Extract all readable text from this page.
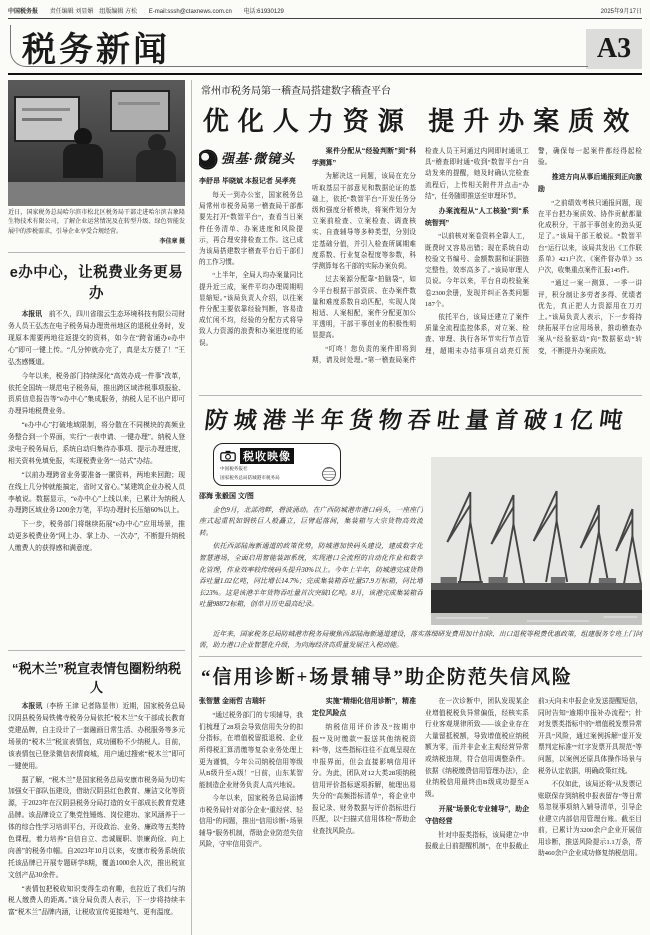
中国税务报 责任编辑 刘显媚　组版编辑 方松 E-mail:sssh@ctaxnews.com.cn 电话:61930129	2025年9月17日
税务新闻	A3

近日，国家税务总局哈尔滨市松北区税务局干部走进哈尔滨吉象隆生物技术有限公司，了解企业运营情况及在转型升级、绿色智能发展中的涉税需求，引导企业享受合规经营。
李佳章 摄

e办中心，让税费业务更易办

本报讯　前不久，四川省瑞云生态环境科技有限公司财务人员王弘杰在电子税务局办理贵州地区的退税业务时，发现原本需要两地往返提交的资料，如今在“跨省通办e办中心”即可一键上传。“几分钟就办完了，真是太方便了！”王弘杰感慨道。

今年以来，税务部门持续深化“高效办成一件事”改革，依托全国统一规范电子税务局，推出跨区域涉税事项报验、资质信息报告等“e办中心”集成服务，纳税人足不出户即可办理异地税费业务。

“e办中心”打破地域限制，将分散在不同模块的高频业务整合到一个界面，实行“一表申请、一键办理”。纳税人登录电子税务局后，系统自动归集待办事项、提示办理进度，相关资料免填免报，实现税费业务“一站式”办结。

“以前办理跨省业务要准备一摞资料，两地来回跑；现在线上几分钟就能搞定，省时又省心。”某建筑企业办税人员李敏说。数据显示，“e办中心”上线以来，已累计为纳税人办理跨区域业务1200余万笔，平均办理时长压缩60%以上。

下一步，税务部门将继续拓展“e办中心”应用场景，推动更多税费业务“网上办、掌上办、一次办”，不断提升纳税人缴费人的获得感和满意度。

“税木兰”税宣表情包圈粉纳税人

本报讯（李桥 王津 记者陈显伟）近期，国家税务总局汉阴县税务局铁佛寺税务分局依托“税木兰”女干部成长教育党建品牌，自主设计了一套融画日常生活、办税服务等多元场景的“税木兰”税宣表情包，成功圈粉不少纳税人。目前，该表情包已登录微信表情商城，用户通过搜索“税木兰”即可一键使用。

据了解，“税木兰”是国家税务总局安康市税务局为切实加强女干部队伍建设，借助汉阴县红色教育、廉洁文化等资源，于2023年在汉阴县税务分局打造的女干部成长教育党建品牌。该品牌设立了集党性锤炼、岗位建功、家风涵养于一体的综合性学习培训平台，开设政治、业务、廉政等五类特色课程，着力培养“自信自立、忠诚履职、崇廉尚俭、向上向善”的税务巾帼。自2023年10月以来，安康市税务系统依托该品牌已开展专题研学8期，覆盖1000余人次，推出税宣文创产品30余件。

“表情包把税收知识变得生动有趣，也拉近了我们与纳税人缴费人的距离。”该分局负责人表示，下一步将持续丰富“税木兰”品牌内涵，让税收宣传更接地气、更有温度。

常州市税务局第一稽查局搭建数字稽查平台

优化人力资源 提升办案质效
强基·微镜头

李舒昂 毕晓斌 本报记者 吴孝亮

每天一到办公室，国家税务总局常州市税务局第一稽查局干部都要先打开“数智平台”，查看当日案件任务清单、办案进度和风险提示，再合理安排检查工作。这已成为该局搭建数字稽查平台后干部们的工作习惯。

“上半年，全局人均办案量同比提升近三成，案件平均办理周期明显缩短。”该局负责人介绍，以往案件分配主要依靠经验判断，容易造成忙闲不均，经验的分配方式将导致人力资源的浪费和办案进度的延误。

案件分配从“经验判断”到“科学测算”

为解决这一问题，该局在充分听取基层干部意见和数据论证的基础上，依托“数智平台”开发任务分级和强度分析模块，将案件划分为立案前检查、立案检查、调查核实、自查辅导等多种类型，分别设定基础分值，并引入检查所属期难度系数、行业复杂程度等参数，科学测算每名干部的实际办案负荷。

过去案源分配靠“拍脑袋”，如今平台根据干部资质、在办案件数量和难度系数自动匹配，实现人岗相适、人案相配，案件分配更加公平透明，干部干事创业的积极性明显提高。

“叮咚！您负责的案件即将到期，请及时处理。”第一稽查局案件检查人员王珂通过内网即时通讯工具“稽查即时通”收到“数智平台”自动发来的提醒，她及时确认完检查流程后，上传相关附件并点击“办结”，任务随即推送至审理环节。

办案流程从“人工核验”到“系统智判”

“以前核对案卷资料全靠人工，既费时又容易出错；现在系统自动校验文书编号、金额数据和证据链完整性，效率高多了。”该局审理人员说。今年以来，平台自动校验案卷2300余册，发现并纠正各类问题187个。

依托平台，该局还建立了案件质量全流程监控体系，对立案、检查、审理、执行各环节实行节点管理，超期未办结事项自动亮灯预警，确保每一起案件都经得起检验。

推进方向从事后通报到正向激励

“之前绩效考核只通报问题，现在平台把办案质效、协作贡献都量化成积分，干部干事创业的劲头更足了。”该局干部王敏说。“数智平台”运行以来，该局共发出《工作联系单》421户次、《案件督办单》35户次，收集重点案件汇报145件。

“通过一案一测算、一季一讲评，积分制让多劳者多得、优绩者优先，真正把人力资源用在刀刃上。”该局负责人表示，下一步将持续拓展平台应用场景，推动稽查办案从“经验驱动”向“数据驱动”转变，不断提升办案质效。

防城港半年货物吞吐量首破1亿吨
税收映像
中国税务报社
国家税务总局防城港市税务局

邵海 张毅国 文/图

金色9月，北部湾畔，碧波涌动。在广西防城港市港口码头，一座座门座式起重机如钢铁巨人般矗立，巨臂起落间，集装箱与大宗货物高效流转。

依托西部陆海新通道的政策优势，防城港加快码头建设，建成数字化智慧港场，全面启用智能装卸系统，实现港口全流程的自动化作业和数字化管理，作业效率较传统码头提升30%以上。今年上半年，防城港完成货物吞吐量1.02亿吨，同比增长14.7%；完成集装箱吞吐量57.9万标箱，同比增长23%。这是该港半年货物吞吐量首次突破1亿吨。8月，该港完成集装箱吞吐量98872标箱，创单月历史最高纪录。

近年来，国家税务总局防城港市税务局聚焦西部陆海新通道建设，落实落细研发费用加计扣除、出口退税等税费优惠政策，组建服务专班上门问需，助力港口企业智慧化升级，为向海经济高质量发展注入税动能。

“信用诊断+场景辅导”助企防范失信风险

张智慧 金雨哲 吉瑞轩

“通过税务部门的专项辅导，我们梳理了28项会导致信用失分的扣分指标，在增值税留抵退税、企业所得税汇算清缴等复杂业务处理上更为谨慎，今年公司纳税信用等级从B级升至A级！”日前，山东某智能制造企业财务负责人高兴地说。

今年以来，国家税务总局淄博市税务局针对部分企业“重经营、轻信用”的问题，推出“信用诊断+场景辅导”服务机制，帮助企业防范失信风险，守牢信用资产。

实施“精细化信用诊断”，精准定位风险点

纳税信用评价涉及“按期申报”“及时缴款”“报送其他纳税资料”等，这些指标往往不直观呈现在申报界面，但会直接影响信用评分。为此，团队对12大类28项纳税信用评价指标逐项拆解，梳理出易失分的“高频指标清单”，将企业申报记录、财务数据与评价指标进行匹配，以“扫描式信用体检”帮助企业查找风险点。

在一次诊断中，团队发现某企业增值税税负异常偏低，经核实系行业客观规律所致——该企业存在大量留抵税额，导致增值税应纳税额为零，而并非企业主观经营异常或纳税违规，符合信用调整条件。依据《纳税缴费信用管理办法》，企业纳税信用最终由B级成功提至A级。

开展“场景化专业辅导”，助企守信经营

针对申报类指标，该局建立“申报截止日前提醒机制”，在申报截止前3天向未申报企业发送提醒短信，同时告知“逾期申报补办流程”；针对发票类指标中的“增值税发票异常开具”风险，通过案例拆解“虚开发票判定标准”“红字发票开具规范”等问题，以案例还原具体操作场景与税务认定依据，明确政策红线。

不仅如此，该局还将“从发票记账联保存到纳税申报表留存”等日常易忽视事项纳入辅导清单，引导企业建立内部信用管理台账。截至目前，已累计为3200余户企业开展信用诊断，推送风险提示1.1万条，帮助460余户企业成功修复纳税信用。
